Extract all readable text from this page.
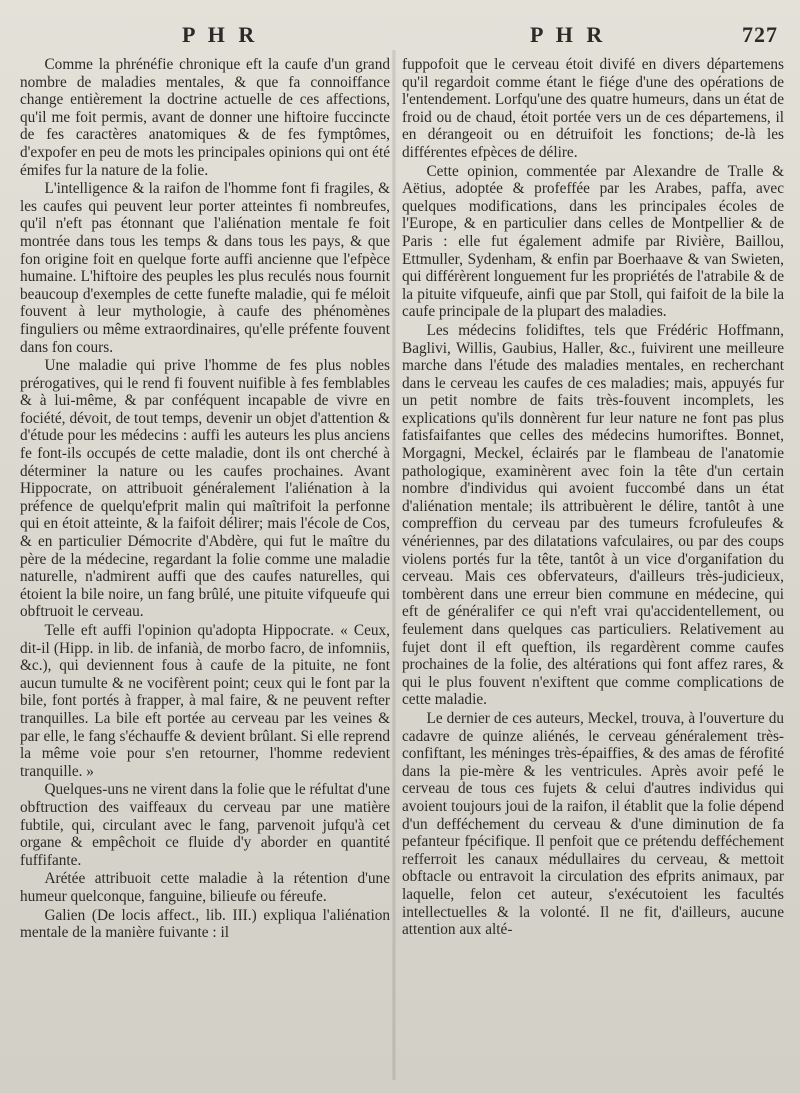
P H R	P H R	727

Comme la phrénéfie chronique eft la caufe d'un grand nombre de maladies mentales, & que fa connoiffance change entièrement la doctrine actuelle de ces affections, qu'il me foit permis, avant de donner une hiftoire fuccincte de fes caractères anatomiques & de fes fymptômes, d'expofer en peu de mots les principales opinions qui ont été émifes fur la nature de la folie.

L'intelligence & la raifon de l'homme font fi fragiles, & les caufes qui peuvent leur porter atteintes fi nombreufes, qu'il n'eft pas étonnant que l'aliénation mentale fe foit montrée dans tous les temps & dans tous les pays, & que fon origine foit en quelque forte auffi ancienne que l'efpèce humaine. L'hiftoire des peuples les plus reculés nous fournit beaucoup d'exemples de cette funefte maladie, qui fe méloit fouvent à leur mythologie, à caufe des phénomènes finguliers ou même extraordinaires, qu'elle préfente fouvent dans fon cours.

Une maladie qui prive l'homme de fes plus nobles prérogatives, qui le rend fi fouvent nuifible à fes femblables & à lui-même, & par conféquent incapable de vivre en fociété, dévoit, de tout temps, devenir un objet d'attention & d'étude pour les médecins : auffi les auteurs les plus anciens fe font-ils occupés de cette maladie, dont ils ont cherché à déterminer la nature ou les caufes prochaines. Avant Hippocrate, on attribuoit généralement l'aliénation à la préfence de quelqu'efprit malin qui maîtrifoit la perfonne qui en étoit atteinte, & la faifoit délirer; mais l'école de Cos, & en particulier Démocrite d'Abdère, qui fut le maître du père de la médecine, regardant la folie comme une maladie naturelle, n'admirent auffi que des caufes naturelles, qui étoient la bile noire, un fang brûlé, une pituite vifqueufe qui obftruoit le cerveau.

Telle eft auffi l'opinion qu'adopta Hippocrate. « Ceux, dit-il (Hipp. in lib. de infanià, de morbo facro, de infomniis, &c.), qui deviennent fous à caufe de la pituite, ne font aucun tumulte & ne vocifèrent point; ceux qui le font par la bile, font portés à frapper, à mal faire, & ne peuvent refter tranquilles. La bile eft portée au cerveau par les veines & par elle, le fang s'échauffe & devient brûlant. Si elle reprend la même voie pour s'en retourner, l'homme redevient tranquille. »

Quelques-uns ne virent dans la folie que le réfultat d'une obftruction des vaiffeaux du cerveau par une matière fubtile, qui, circulant avec le fang, parvenoit jufqu'à cet organe & empêchoit ce fluide d'y aborder en quantité fuffifante.

Arétée attribuoit cette maladie à la rétention d'une humeur quelconque, fanguine, bilieufe ou féreufe.

Galien (De locis affect., lib. III.) expliqua l'aliénation mentale de la manière fuivante : il

fuppofoit que le cerveau étoit divifé en divers départemens qu'il regardoit comme étant le fiége d'une des opérations de l'entendement. Lorfqu'une des quatre humeurs, dans un état de froid ou de chaud, étoit portée vers un de ces départemens, il en dérangeoit ou en détruifoit les fonctions; de-là les différentes efpèces de délire.

Cette opinion, commentée par Alexandre de Tralle & Aëtius, adoptée & profeffée par les Arabes, paffa, avec quelques modifications, dans les principales écoles de l'Europe, & en particulier dans celles de Montpellier & de Paris : elle fut également admife par Rivière, Baillou, Ettmuller, Sydenham, & enfin par Boerhaave & van Swieten, qui différèrent longuement fur les propriétés de l'atrabile & de la pituite vifqueufe, ainfi que par Stoll, qui faifoit de la bile la caufe principale de la plupart des maladies.

Les médecins folidiftes, tels que Frédéric Hoffmann, Baglivi, Willis, Gaubius, Haller, &c., fuivirent une meilleure marche dans l'étude des maladies mentales, en recherchant dans le cerveau les caufes de ces maladies; mais, appuyés fur un petit nombre de faits très-fouvent incomplets, les explications qu'ils donnèrent fur leur nature ne font pas plus fatisfaifantes que celles des médecins humoriftes. Bonnet, Morgagni, Meckel, éclairés par le flambeau de l'anatomie pathologique, examinèrent avec foin la tête d'un certain nombre d'individus qui avoient fuccombé dans un état d'aliénation mentale; ils attribuèrent le délire, tantôt à une compreffion du cerveau par des tumeurs fcrofuleufes & vénériennes, par des dilatations vafculaires, ou par des coups violens portés fur la tête, tantôt à un vice d'organifation du cerveau. Mais ces obfervateurs, d'ailleurs très-judicieux, tombèrent dans une erreur bien commune en médecine, qui eft de généralifer ce qui n'eft vrai qu'accidentellement, ou feulement dans quelques cas particuliers. Relativement au fujet dont il eft queftion, ils regardèrent comme caufes prochaines de la folie, des altérations qui font affez rares, & qui le plus fouvent n'exiftent que comme complications de cette maladie.

Le dernier de ces auteurs, Meckel, trouva, à l'ouverture du cadavre de quinze aliénés, le cerveau généralement très-confiftant, les méninges très-épaiffies, & des amas de férofité dans la pie-mère & les ventricules. Après avoir pefé le cerveau de tous ces fujets & celui d'autres individus qui avoient toujours joui de la raifon, il établit que la folie dépend d'un defféchement du cerveau & d'une diminution de fa pefanteur fpécifique. Il penfoit que ce prétendu defféchement refferroit les canaux médullaires du cerveau, & mettoit obftacle ou entravoit la circulation des efprits animaux, par laquelle, felon cet auteur, s'exécutoient les facultés intellectuelles & la volonté. Il ne fit, d'ailleurs, aucune attention aux alté-
